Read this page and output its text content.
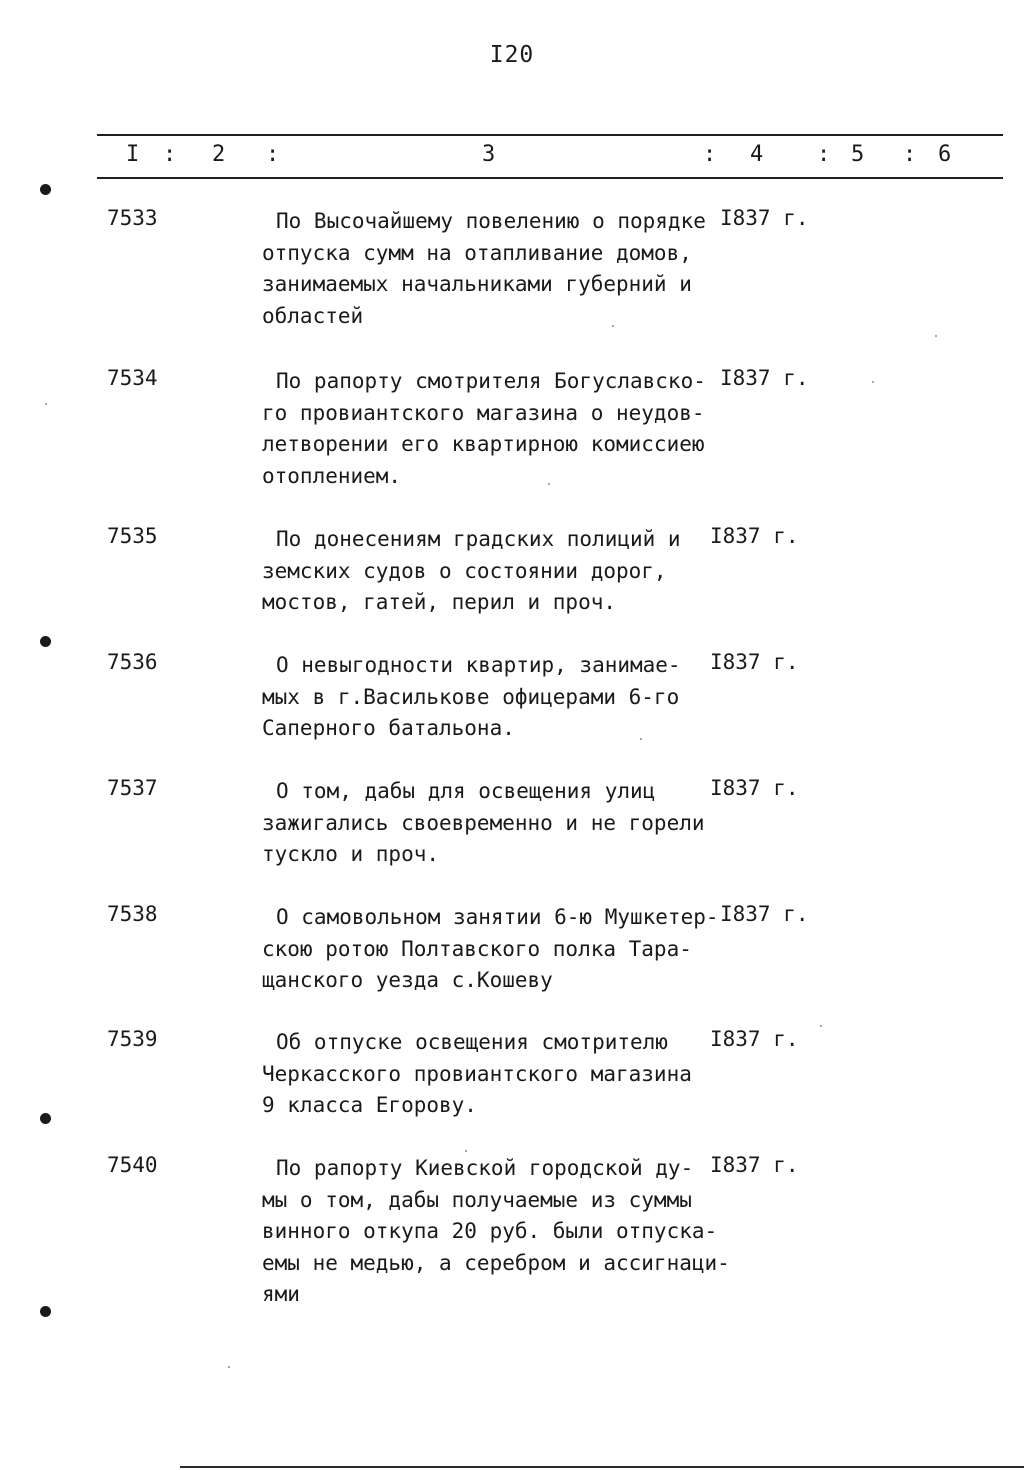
I20
I : 2 :	3	: 4 : 5 : 6
7533	По Высочайшему повелению о порядке
отпуска сумм на отапливание домов,
занимаемых начальниками губерний и
областей
I837 г.
7534	По рапорту смотрителя Богуславско-
го провиантского магазина о неудов-
летворении его квартирною комиссиею
отоплением.
I837 г.
7535	По донесениям градских полиций и
земских судов о состоянии дорог,
мостов, гатей, перил и проч.
I837 г.
7536	О невыгодности квартир, занимае-
мых в г.Василькове офицерами 6-го
Саперного батальона.
I837 г.
7537	О том, дабы для освещения улиц
зажигались своевременно и не горели
тускло и проч.
I837 г.
7538	О самовольном занятии 6-ю Мушкетер-
скою ротою Полтавского полка Тара-
щанского уезда с.Кошеву
I837 г.
7539	Об отпуске освещения смотрителю
Черкасского провиантского магазина
9 класса Егорову.
I837 г.
7540	По рапорту Киевской городской ду-
мы о том, дабы получаемые из суммы
винного откупа 20 руб. были отпуска-
емы не медью, а серебром и ассигнаци-
ями
I837 г.
